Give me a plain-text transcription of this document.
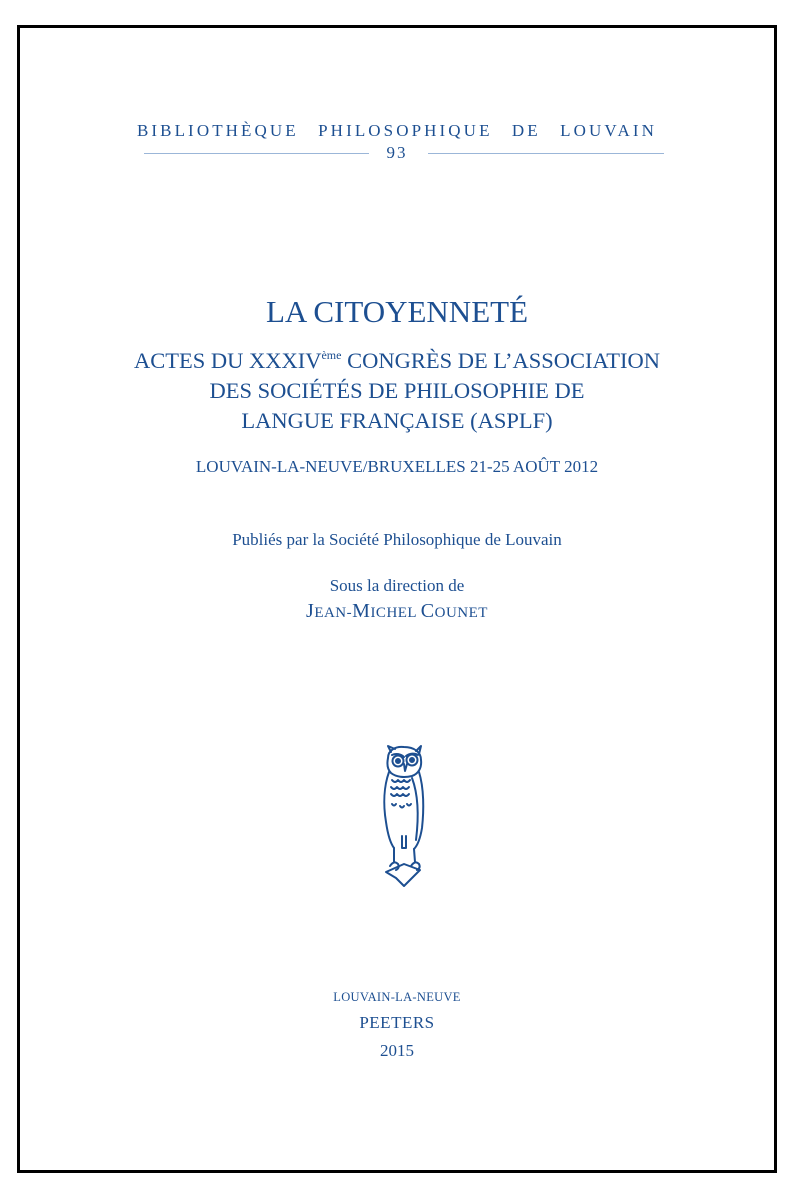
BIBLIOTHÈQUE PHILOSOPHIQUE DE LOUVAIN
93
LA CITOYENNETÉ
ACTES DU XXXIVème CONGRÈS DE L’ASSOCIATION
DES SOCIÉTÉS DE PHILOSOPHIE DE
LANGUE FRANÇAISE (ASPLF)
LOUVAIN-LA-NEUVE/BRUXELLES 21-25 AOÛT 2012
Publiés par la Société Philosophique de Louvain
Sous la direction de
JEAN-MICHEL COUNET
LOUVAIN-LA-NEUVE
PEETERS
2015
